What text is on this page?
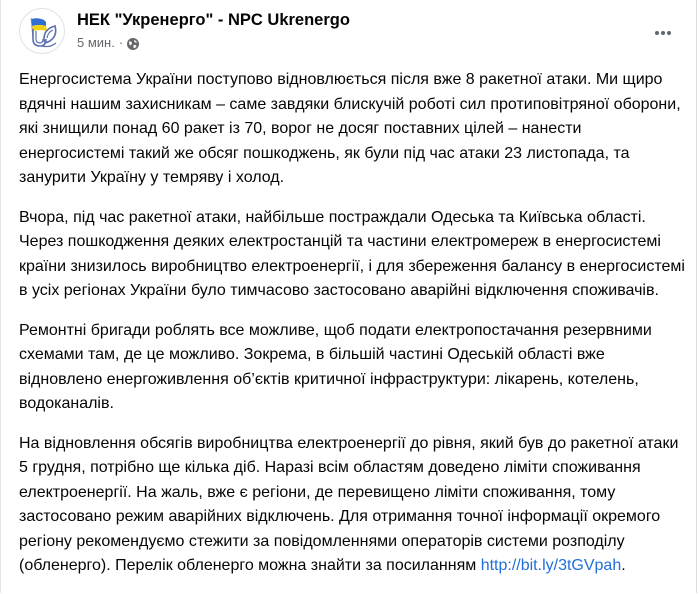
НЕК "Укренерго" - NPC Ukrenergo
5 мин. ·

Енергосистема України поступово відновлюється після вже 8 ракетної атаки. Ми щиро вдячні нашим захисникам – саме завдяки блискучій роботі сил протиповітряної оборони, які знищили понад 60 ракет із 70, ворог не досяг поставних цілей – нанести енергосистемі такий же обсяг пошкоджень, як були під час атаки 23 листопада, та занурити Україну у темряву і холод.

Вчора, під час ракетної атаки, найбільше постраждали Одеська та Київська області. Через пошкодження деяких електростанцій та частини електромереж в енергосистемі країни знизилось виробництво електроенергії, і для збереження балансу в енергосистемі в усіх регіонах України було тимчасово застосовано аварійні відключення споживачів.

Ремонтні бригади роблять все можливе, щоб подати електропостачання резервними схемами там, де це можливо. Зокрема, в більшій частині Одеській області вже відновлено енергоживлення об’єктів критичної інфраструктури: лікарень, котелень, водоканалів.

На відновлення обсягів виробництва електроенергії до рівня, який був до ракетної атаки 5 грудня, потрібно ще кілька діб. Наразі всім областям доведено ліміти споживання електроенергії. На жаль, вже є регіони, де перевищено ліміти споживання, тому застосовано режим аварійних відключень. Для отримання точної інформації окремого регіону рекомендуємо стежити за повідомленнями операторів системи розподілу (обленерго). Перелік обленерго можна знайти за посиланням http://bit.ly/3tGVpah.
